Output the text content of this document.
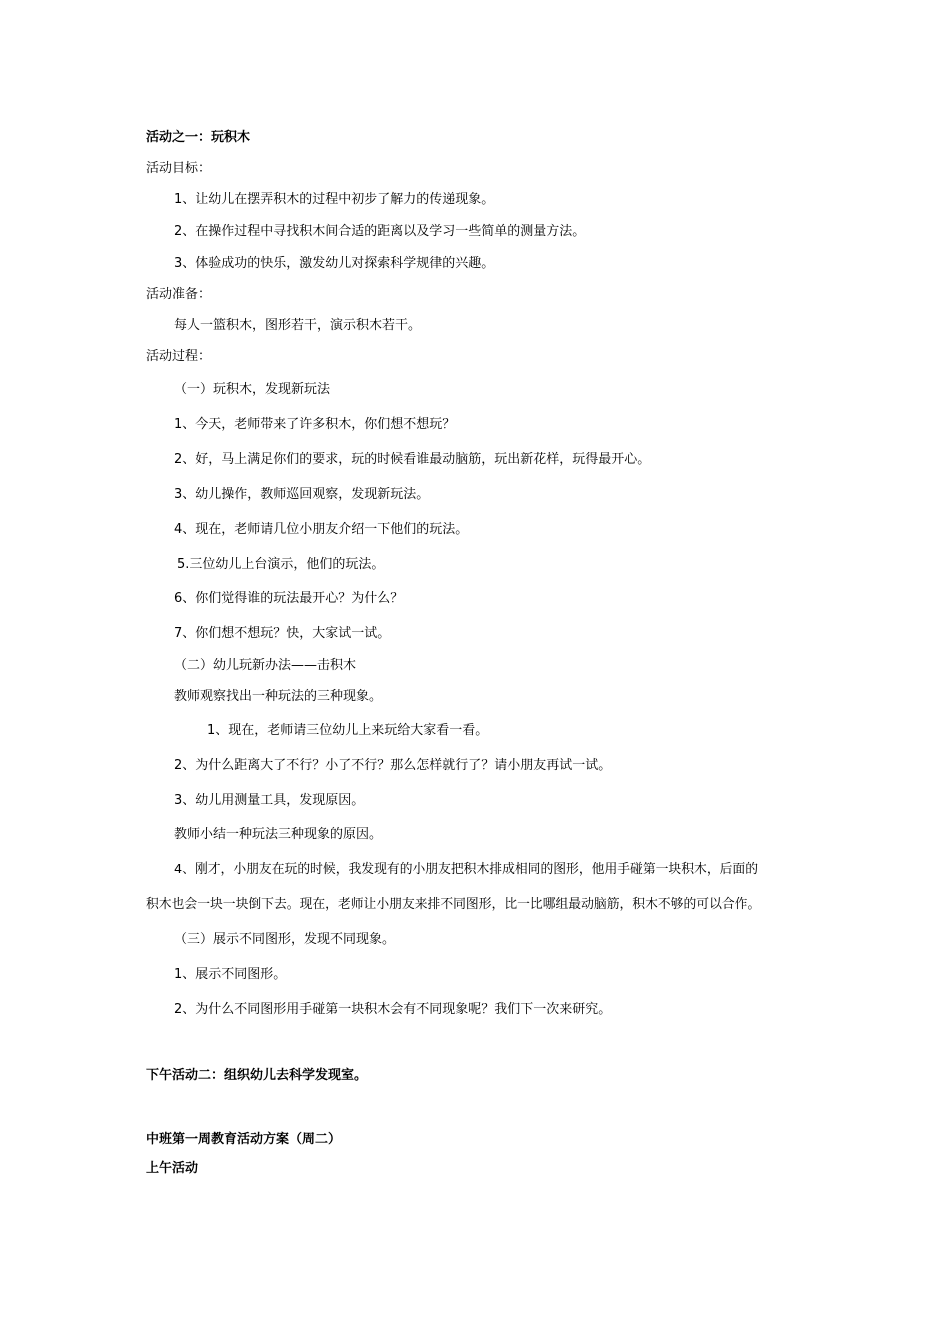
活动之一：玩积木
活动目标：
1、让幼儿在摆弄积木的过程中初步了解力的传递现象。
2、在操作过程中寻找积木间合适的距离以及学习一些简单的测量方法。
3、体验成功的快乐，激发幼儿对探索科学规律的兴趣。
活动准备：
每人一篮积木，图形若干，演示积木若干。
活动过程：
（一）玩积木，发现新玩法
1、今天，老师带来了许多积木，你们想不想玩？
2、好，马上满足你们的要求，玩的时候看谁最动脑筋，玩出新花样，玩得最开心。
3、幼儿操作，教师巡回观察，发现新玩法。
4、现在，老师请几位小朋友介绍一下他们的玩法。
5.三位幼儿上台演示，他们的玩法。
6、你们觉得谁的玩法最开心？为什么？
7、你们想不想玩？快，大家试一试。
（二）幼儿玩新办法——击积木
教师观察找出一种玩法的三种现象。
1、现在，老师请三位幼儿上来玩给大家看一看。
2、为什么距离大了不行？小了不行？那么怎样就行了？请小朋友再试一试。
3、幼儿用测量工具，发现原因。
教师小结一种玩法三种现象的原因。
4、刚才，小朋友在玩的时候，我发现有的小朋友把积木排成相同的图形，他用手碰第一块积木，后面的
积木也会一块一块倒下去。现在，老师让小朋友来排不同图形，比一比哪组最动脑筋，积木不够的可以合作。
（三）展示不同图形，发现不同现象。
1、展示不同图形。
2、为什么不同图形用手碰第一块积木会有不同现象呢？我们下一次来研究。
下午活动二：组织幼儿去科学发现室。
中班第一周教育活动方案（周二）
上午活动
